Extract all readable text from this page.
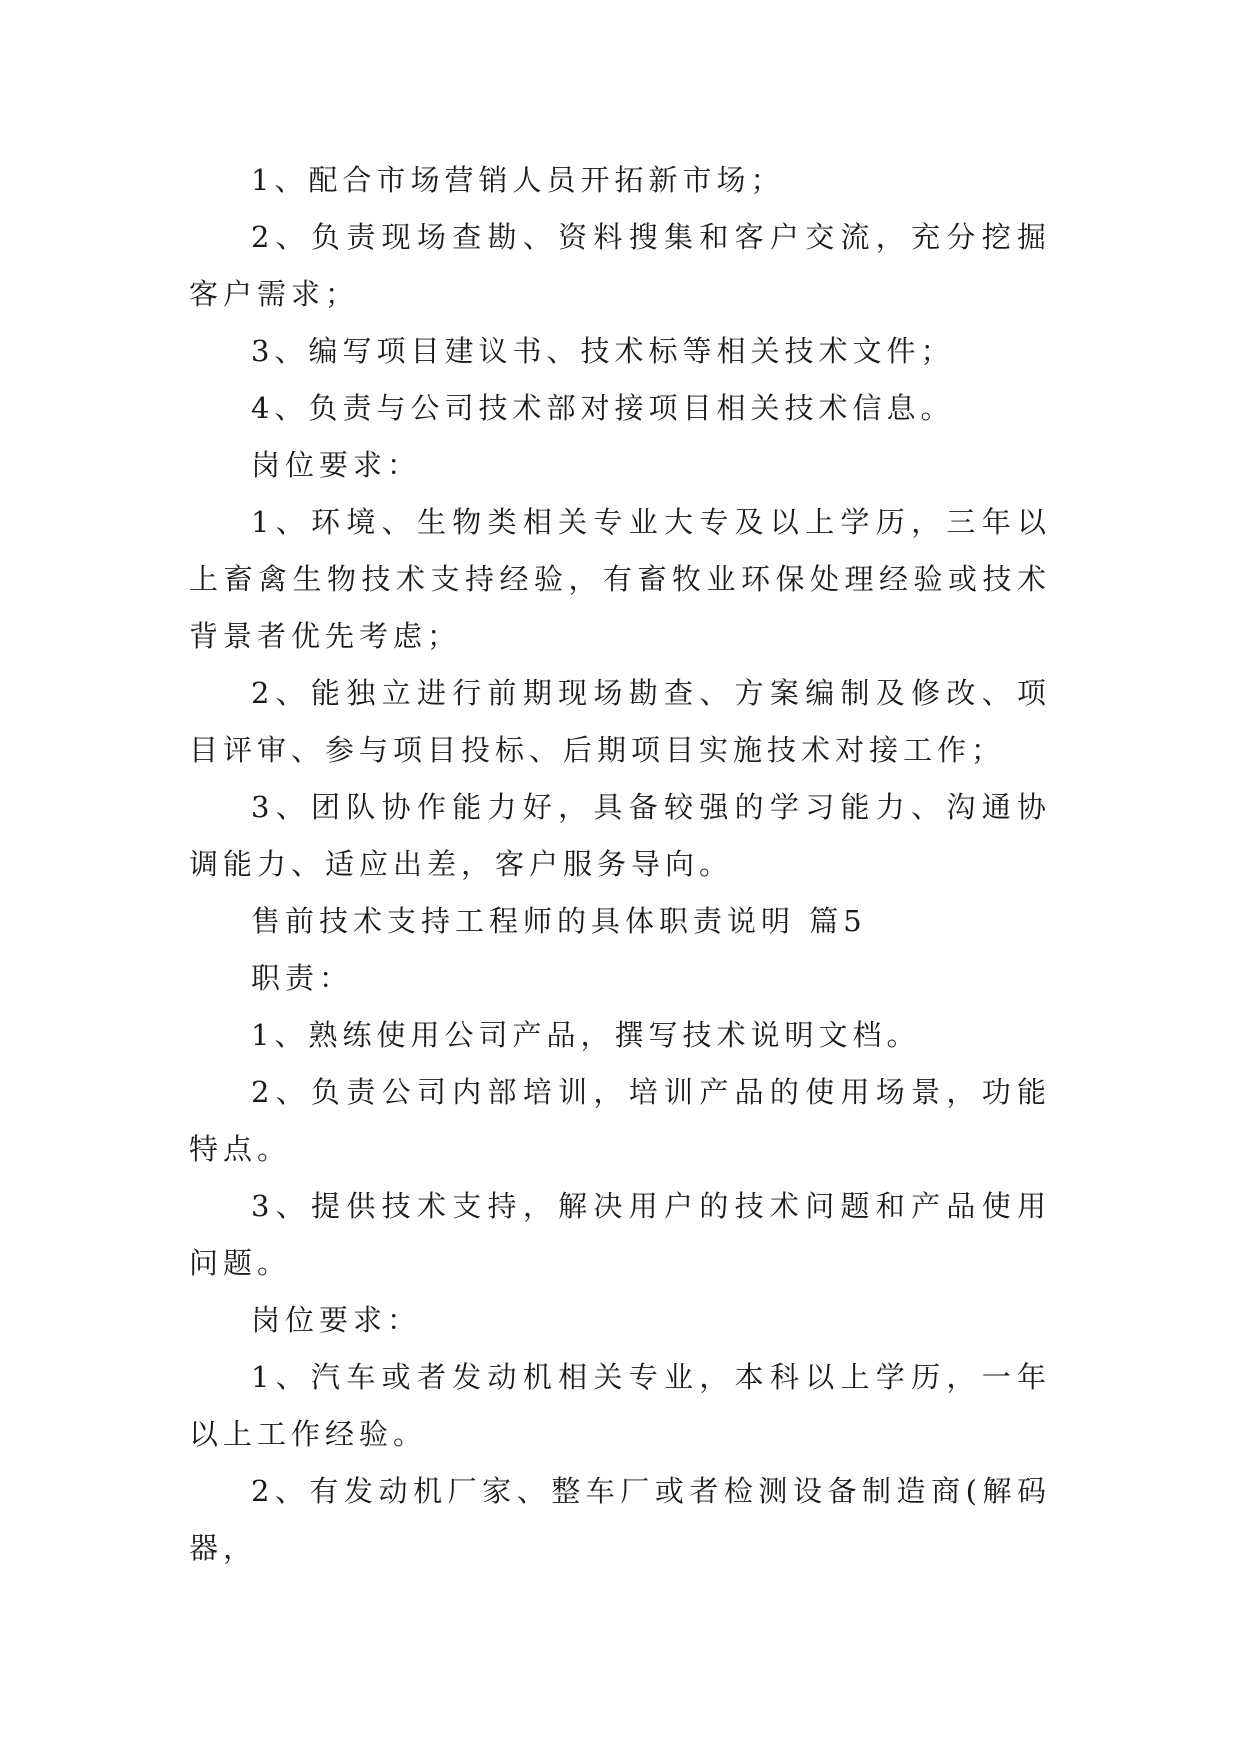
1、配合市场营销人员开拓新市场；

2、负责现场查勘、资料搜集和客户交流，充分挖掘客户需求；

3、编写项目建议书、技术标等相关技术文件；

4、负责与公司技术部对接项目相关技术信息。

岗位要求：

1、环境、生物类相关专业大专及以上学历，三年以上畜禽生物技术支持经验，有畜牧业环保处理经验或技术背景者优先考虑；

2、能独立进行前期现场勘查、方案编制及修改、项目评审、参与项目投标、后期项目实施技术对接工作；

3、团队协作能力好，具备较强的学习能力、沟通协调能力、适应出差，客户服务导向。

售前技术支持工程师的具体职责说明 篇5

职责：

1、熟练使用公司产品，撰写技术说明文档。

2、负责公司内部培训，培训产品的使用场景，功能特点。

3、提供技术支持，解决用户的技术问题和产品使用问题。

岗位要求：

1、汽车或者发动机相关专业，本科以上学历，一年以上工作经验。

2、有发动机厂家、整车厂或者检测设备制造商(解码器，
